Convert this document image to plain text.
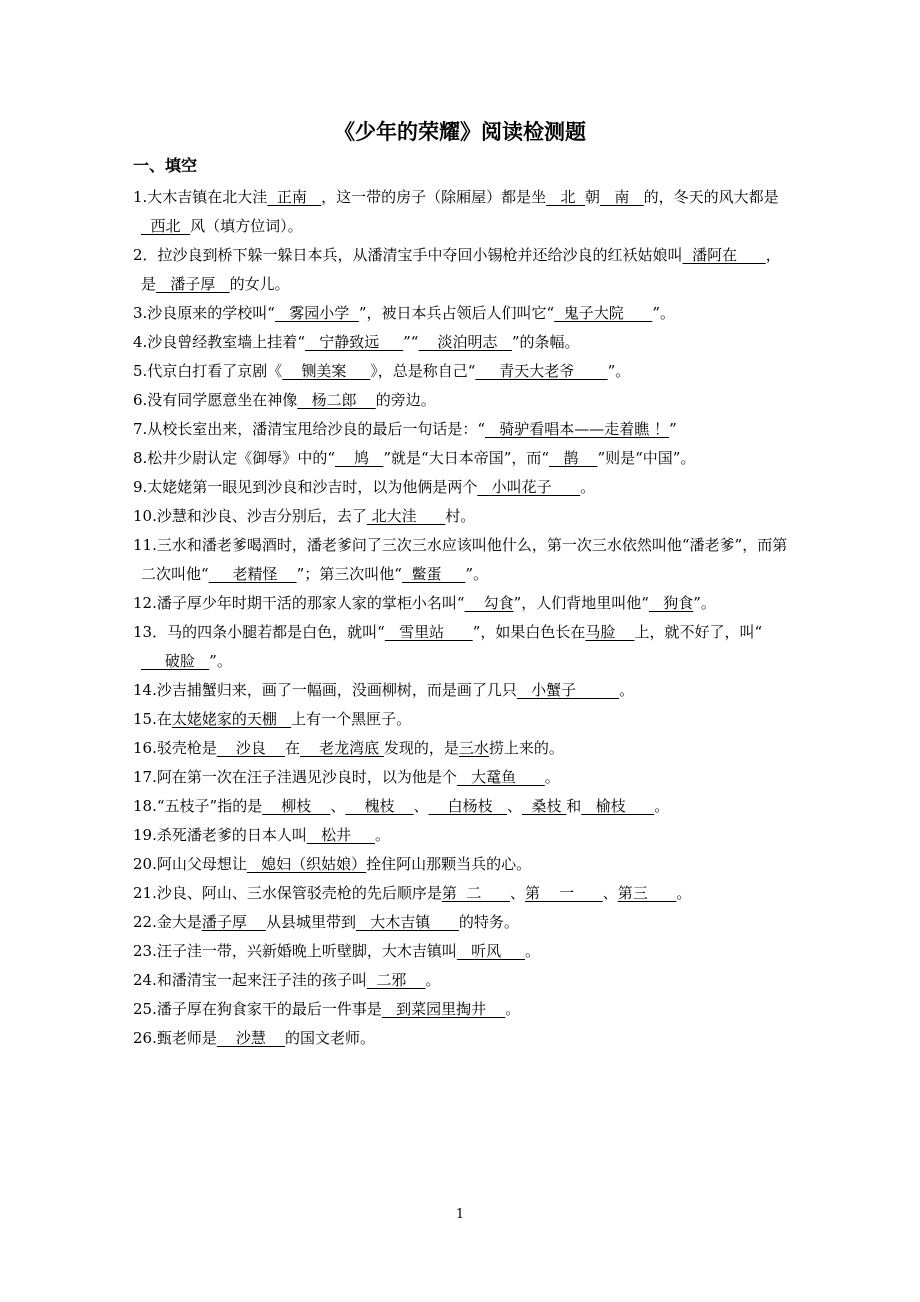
《少年的荣耀》阅读检测题
一、填空
1.大木吉镇在北大洼  正南   ，这一带的房子（除厢屋）都是坐   北  朝   南   的，冬天的风大都是  西北  风（填方位词）。
2．拉沙良到桥下躲一躲日本兵，从潘清宝手中夺回小锡枪并还给沙良的红袄姑娘叫  潘阿在      ，是   潘子厚   的女儿。
3.沙良原来的学校叫“   雾园小学  ”，被日本兵占领后人们叫它“  鬼子大院      ”。
4.沙良曾经教室墙上挂着“   宁静致远     ”“    淡泊明志   ”的条幅。
5.代京白打看了京剧《    铡美案     》，总是称自己“     青天大老爷       ”。
6.没有同学愿意坐在神像   杨二郎    的旁边。
7.从校长室出来，潘清宝甩给沙良的最后一句话是：“   骑驴看唱本——走着瞧 ！”
8.松井少尉认定《御辱》中的“    鸠   ”就是“大日本帝国”，而“   鹊    ”则是“中国”。
9.太姥姥第一眼见到沙良和沙吉时，以为他俩是两个   小叫花子      。
10.沙慧和沙良、沙吉分别后，去了 北大洼      村。
11.三水和潘老爹喝酒时，潘老爹问了三次三水应该叫他什么，第一次三水依然叫他“潘老爹”，而第二次叫他“     老精怪    ”；第三次叫他“  鳖蛋     ”。
12.潘子厚少年时期干活的那家人家的掌柜小名叫“    勾食”，人们背地里叫他“   狗食”。
13．马的四条小腿若都是白色，就叫“   雪里站      ”，如果白色长在马脸    上，就不好了，叫“     破脸   ”。
14.沙吉捕蟹归来，画了一幅画，没画柳树，而是画了几只   小蟹子         。
15.在太姥姥家的天棚   上有一个黑匣子。
16.驳壳枪是    沙良    在    老龙湾底 发现的，是三水捞上来的。
17.阿在第一次在汪子洼遇见沙良时，以为他是个   大鼋鱼      。
18.“五枝子”指的是    柳枝    、    槐枝    、    白杨枝   、  桑枝 和   榆枝      。
19.杀死潘老爹的日本人叫   松井     。
20.阿山父母想让   媳妇（织姑娘）拴住阿山那颗当兵的心。
21.沙良、阿山、三水保管驳壳枪的先后顺序是第  二      、第    一      、第三      。
22.金大是潘子厚    从县城里带到   大木吉镇      的特务。
23.汪子洼一带，兴新婚晚上听壁脚，大木吉镇叫   听风     。
24.和潘清宝一起来汪子洼的孩子叫  二邪    。
25.潘子厚在狗食家干的最后一件事是   到菜园里掏井    。
26.甄老师是    沙慧    的国文老师。
1
